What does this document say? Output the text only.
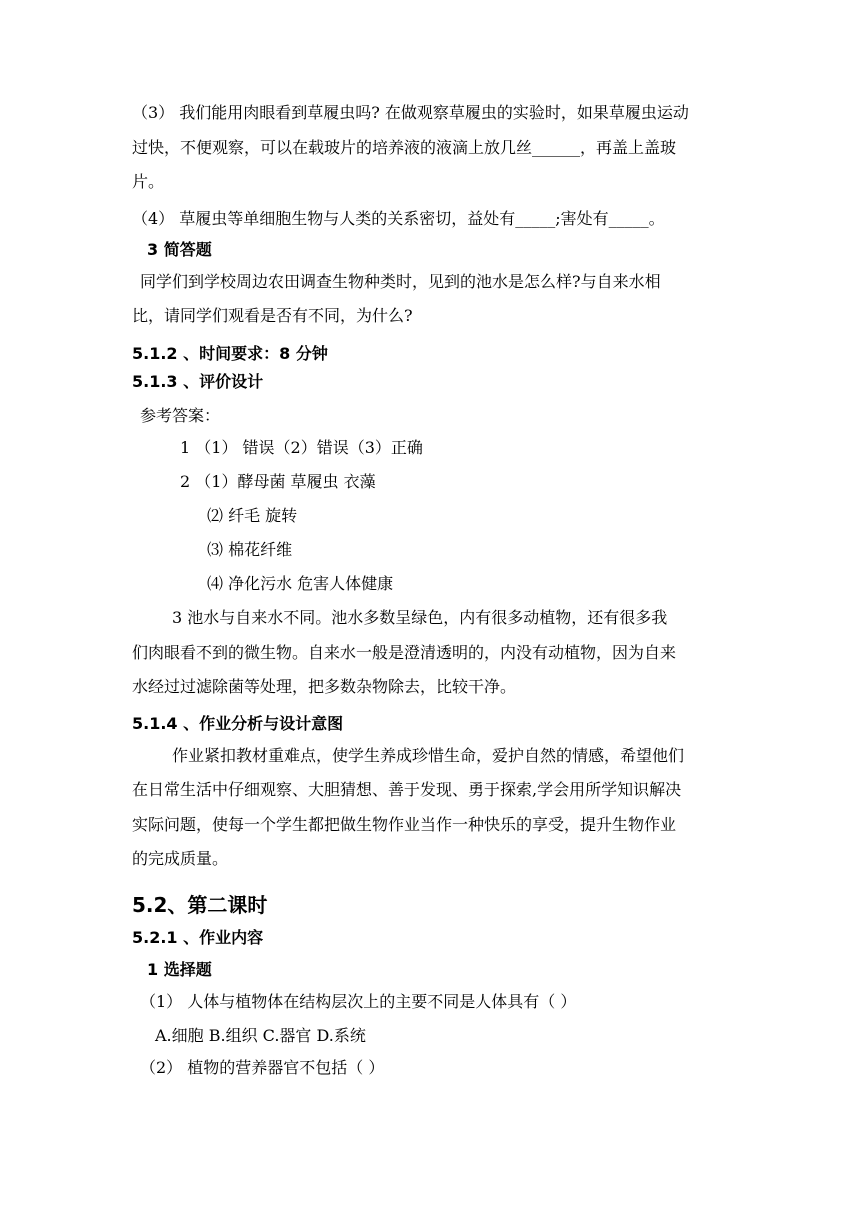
（3） 我们能用肉眼看到草履虫吗? 在做观察草履虫的实验时，如果草履虫运动
过快，不便观察，可以在载玻片的培养液的液滴上放几丝______，再盖上盖玻
片。
（4） 草履虫等单细胞生物与人类的关系密切，益处有_____;害处有_____。
3 简答题
同学们到学校周边农田调查生物种类时，见到的池水是怎么样?与自来水相
比，请同学们观看是否有不同，为什么?
5.1.2 、时间要求：8 分钟
5.1.3 、评价设计
参考答案：
1 （1） 错误（2）错误（3）正确
2 （1）酵母菌 草履虫 衣藻
⑵ 纤毛 旋转
⑶ 棉花纤维
⑷ 净化污水 危害人体健康
3 池水与自来水不同。池水多数呈绿色，内有很多动植物，还有很多我
们肉眼看不到的微生物。自来水一般是澄清透明的，内没有动植物，因为自来
水经过过滤除菌等处理，把多数杂物除去，比较干净。
5.1.4 、作业分析与设计意图
作业紧扣教材重难点，使学生养成珍惜生命，爱护自然的情感，希望他们
在日常生活中仔细观察、大胆猜想、善于发现、勇于探索,学会用所学知识解决
实际问题，使每一个学生都把做生物作业当作一种快乐的享受，提升生物作业
的完成质量。
5.2、第二课时
5.2.1 、作业内容
1 选择题
（1） 人体与植物体在结构层次上的主要不同是人体具有（ ）
A.细胞 B.组织 C.器官 D.系统
（2） 植物的营养器官不包括（ ）
